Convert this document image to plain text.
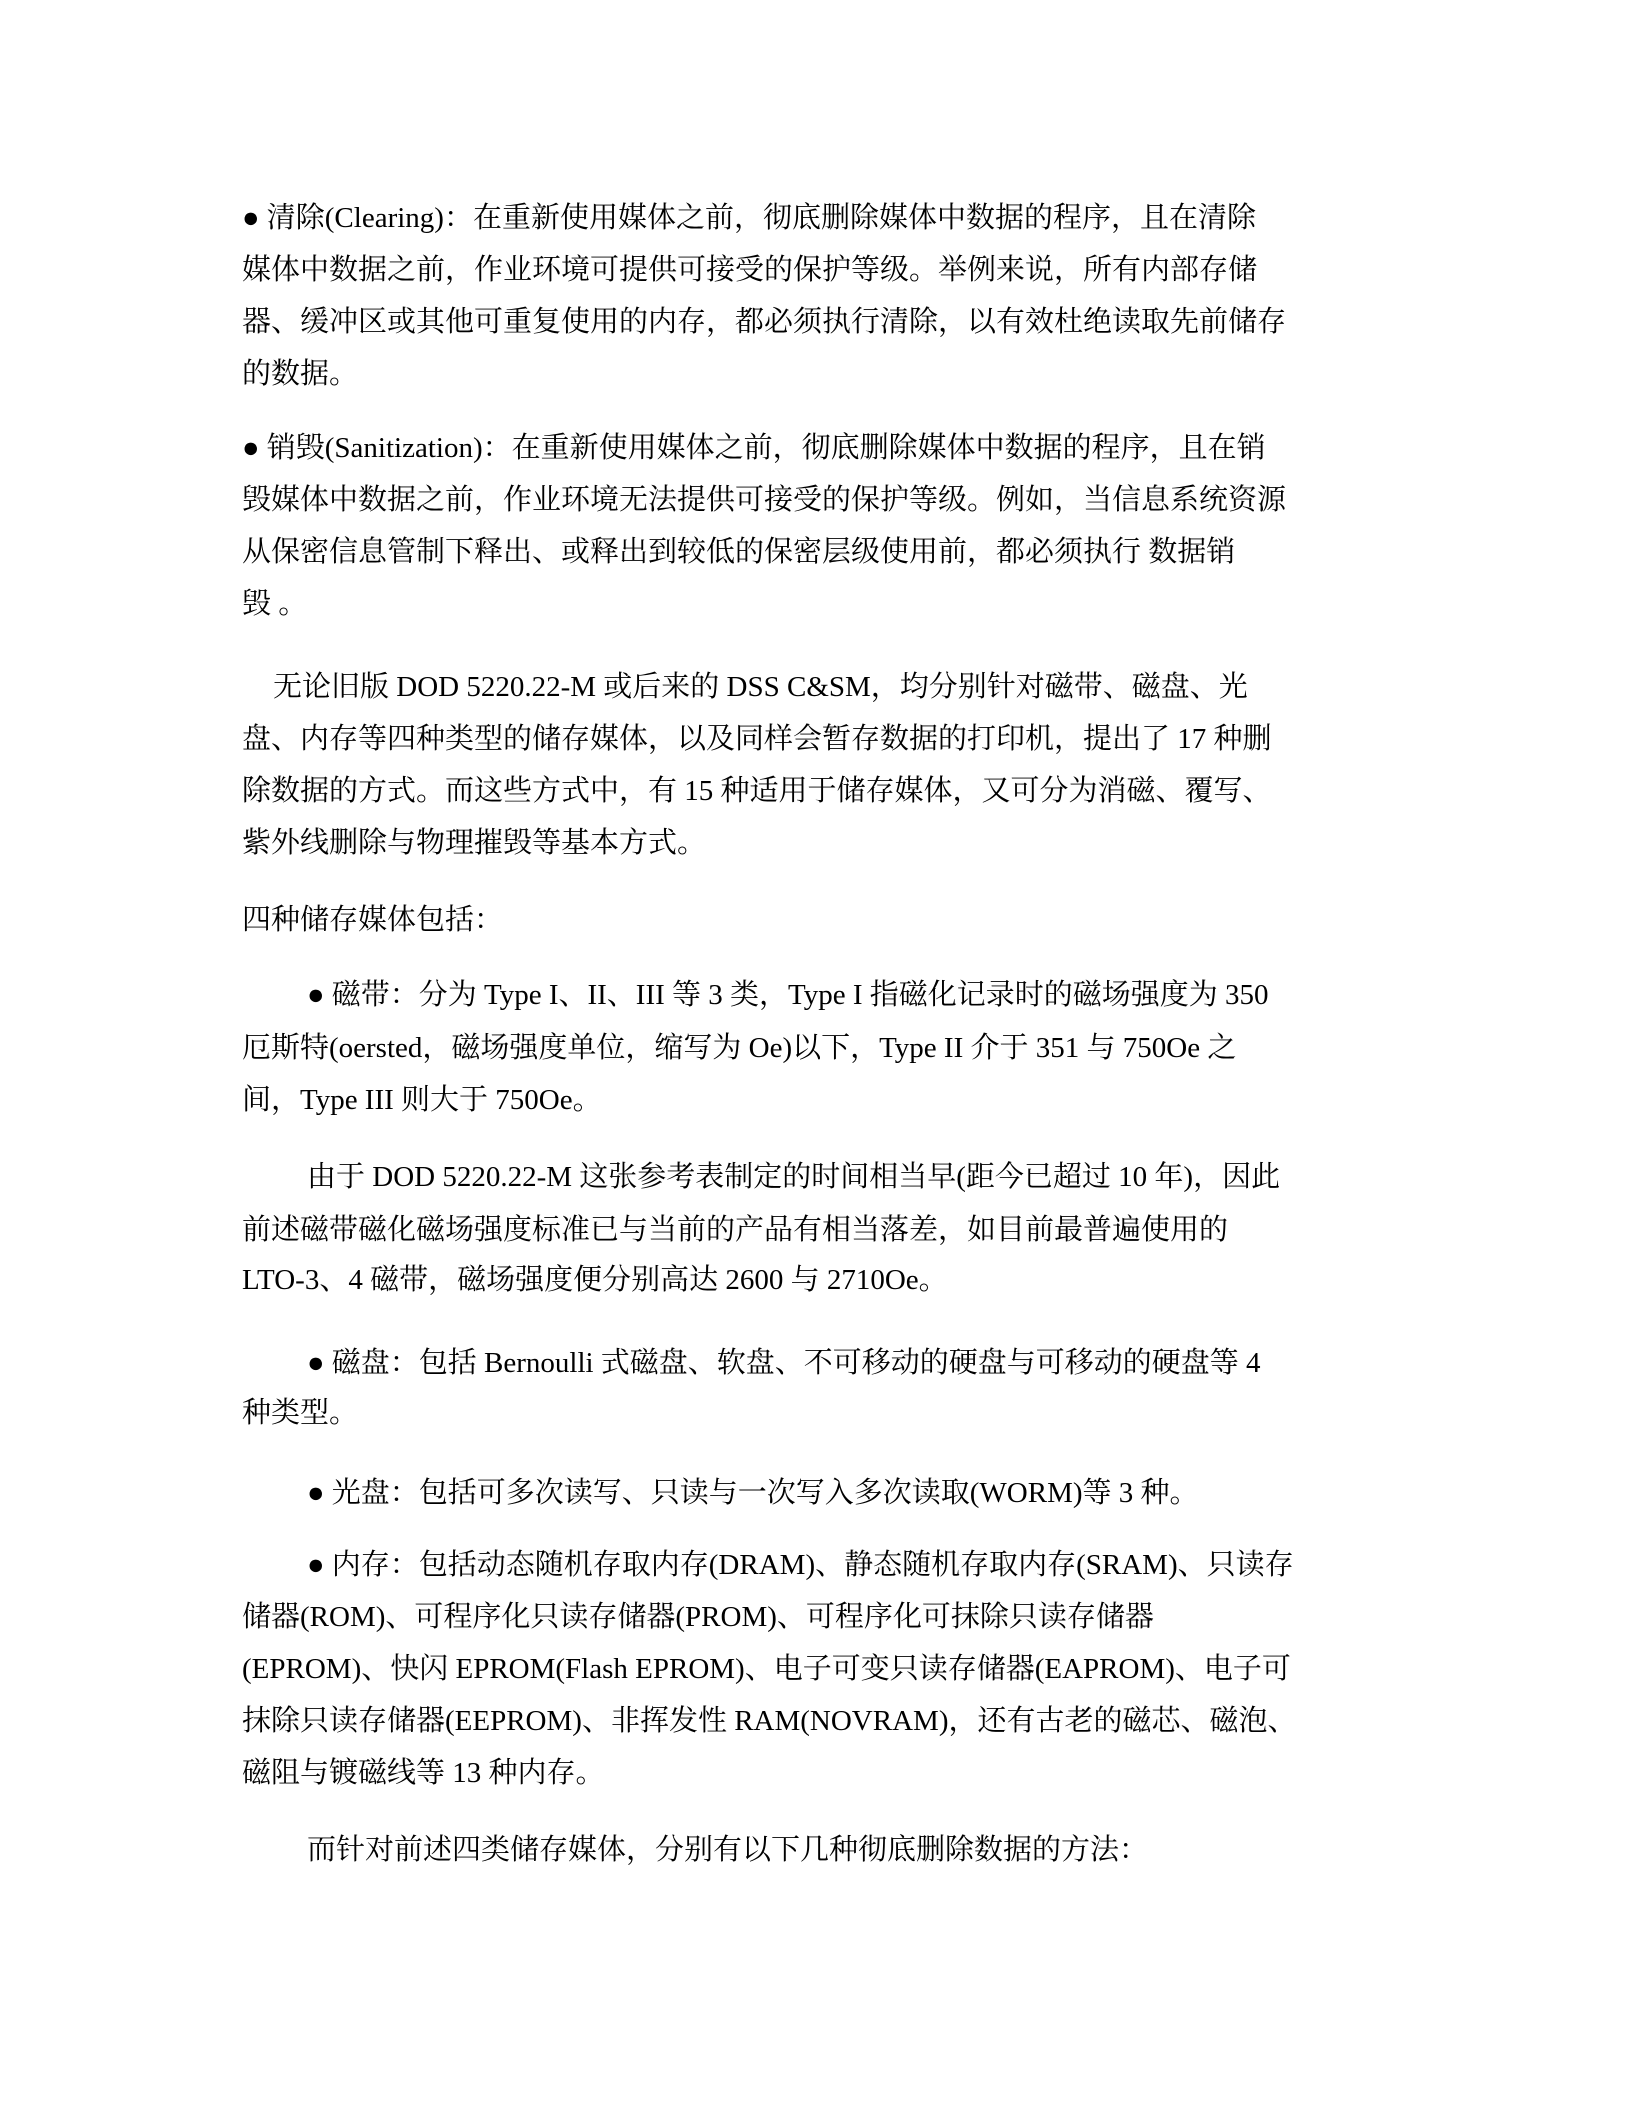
● 清除(Clearing)：在重新使用媒体之前，彻底删除媒体中数据的程序，且在清除
媒体中数据之前，作业环境可提供可接受的保护等级。举例来说，所有内部存储
器、缓冲区或其他可重复使用的内存，都必须执行清除，以有效杜绝读取先前储存
的数据。
● 销毁(Sanitization)：在重新使用媒体之前，彻底删除媒体中数据的程序，且在销
毁媒体中数据之前，作业环境无法提供可接受的保护等级。例如，当信息系统资源
从保密信息管制下释出、或释出到较低的保密层级使用前，都必须执行 数据销
毁 。
无论旧版 DOD 5220.22-M 或后来的 DSS C&SM，均分别针对磁带、磁盘、光
盘、内存等四种类型的储存媒体，以及同样会暂存数据的打印机，提出了 17 种删
除数据的方式。而这些方式中，有 15 种适用于储存媒体，又可分为消磁、覆写、
紫外线删除与物理摧毁等基本方式。
四种储存媒体包括：
● 磁带：分为 Type I、II、III 等 3 类，Type I 指磁化记录时的磁场强度为 350
厄斯特(oersted，磁场强度单位，缩写为 Oe)以下，Type II 介于 351 与 750Oe 之
间，Type III 则大于 750Oe。
由于 DOD 5220.22-M 这张参考表制定的时间相当早(距今已超过 10 年)，因此
前述磁带磁化磁场强度标准已与当前的产品有相当落差，如目前最普遍使用的
LTO-3、4 磁带，磁场强度便分别高达 2600 与 2710Oe。
● 磁盘：包括 Bernoulli 式磁盘、软盘、不可移动的硬盘与可移动的硬盘等 4
种类型。
● 光盘：包括可多次读写、只读与一次写入多次读取(WORM)等 3 种。
● 内存：包括动态随机存取内存(DRAM)、静态随机存取内存(SRAM)、只读存
储器(ROM)、可程序化只读存储器(PROM)、可程序化可抹除只读存储器
(EPROM)、快闪 EPROM(Flash EPROM)、电子可变只读存储器(EAPROM)、电子可
抹除只读存储器(EEPROM)、非挥发性 RAM(NOVRAM)，还有古老的磁芯、磁泡、
磁阻与镀磁线等 13 种内存。
而针对前述四类储存媒体，分别有以下几种彻底删除数据的方法：
